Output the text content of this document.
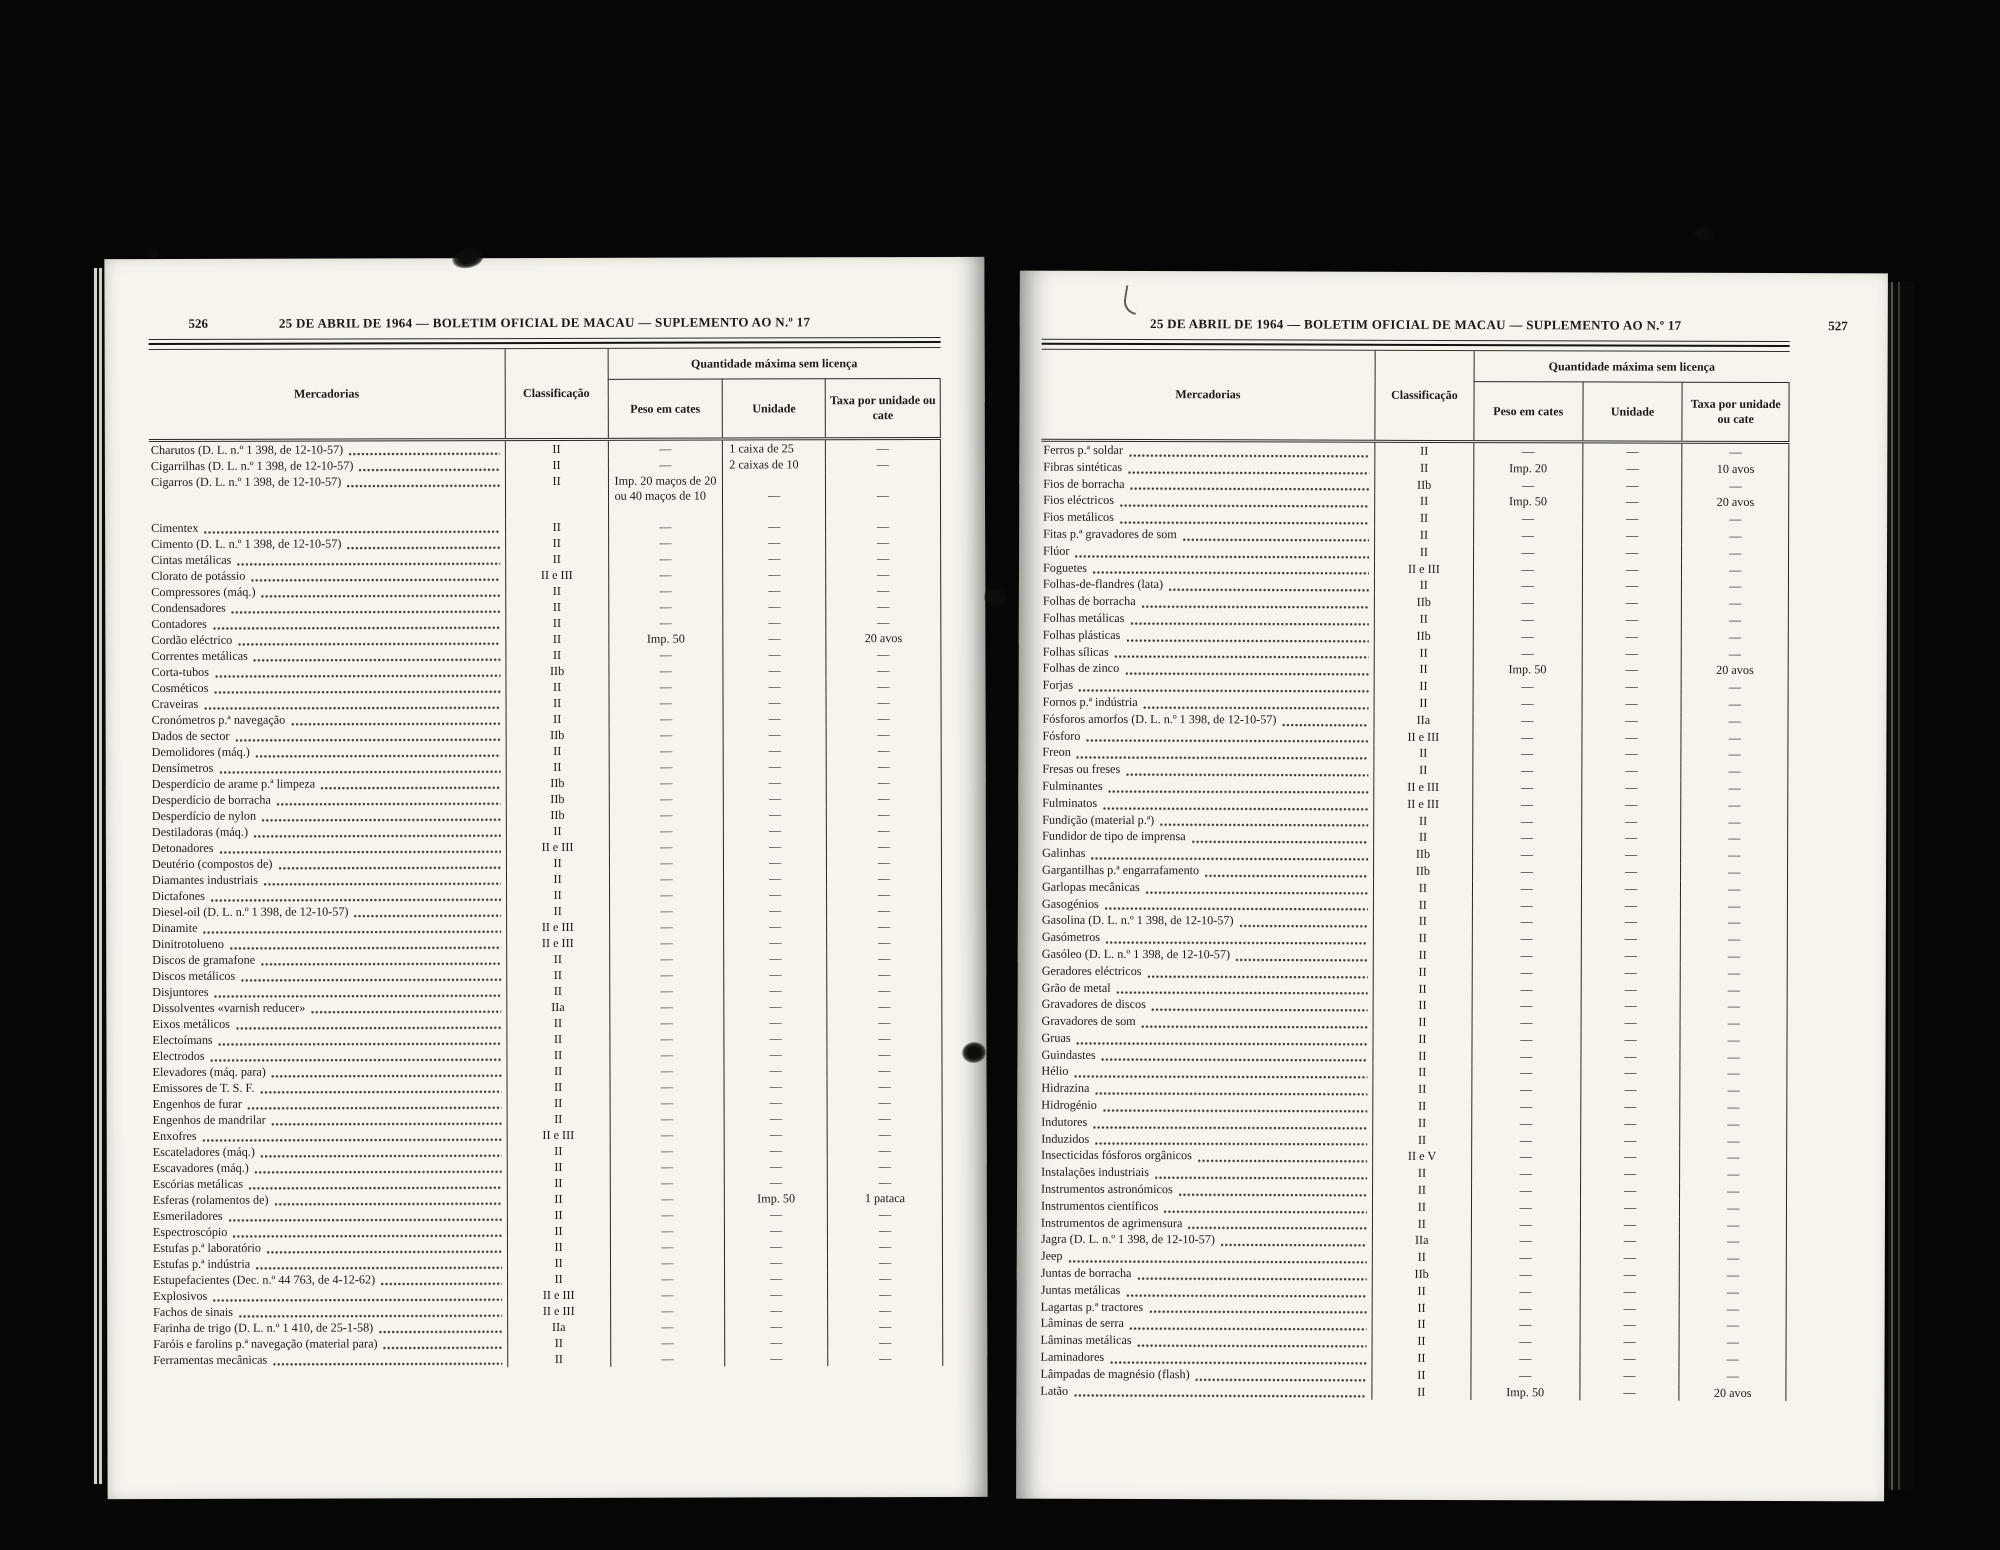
526	25 DE ABRIL DE 1964 — BOLETIM OFICIAL DE MACAU — SUPLEMENTO AO N.º 17
Mercadorias	Classificação	Quantidade máxima sem licença		
		Peso em cates	Unidade	Taxa por unidade ou cate

Charutos (D. L. n.º 1 398, de 12-10-57)	II	—	1 caixa de 25	—

Cigarrilhas (D. L. n.º 1 398, de 12-10-57)	II	—	2 caixas de 10	—

Cigarros (D. L. n.º 1 398, de 12-10-57)	II	Imp. 20 maços de 20 ou 40 maços de 10	—	—

Cimentex	II	—	—	—

Cimento (D. L. n.º 1 398, de 12-10-57)	II	—	—	—

Cintas metálicas	II	—	—	—

Clorato de potássio	II e III	—	—	—

Compressores (máq.)	II	—	—	—

Condensadores	II	—	—	—

Contadores	II	—	—	—

Cordão eléctrico	II	Imp. 50	—	20 avos

Correntes metálicas	II	—	—	—

Corta-tubos	IIb	—	—	—

Cosméticos	II	—	—	—

Craveiras	II	—	—	—

Cronómetros p.ª navegação	II	—	—	—

Dados de sector	IIb	—	—	—

Demolidores (máq.)	II	—	—	—

Densímetros	II	—	—	—

Desperdício de arame p.ª limpeza	IIb	—	—	—

Desperdício de borracha	IIb	—	—	—

Desperdício de nylon	IIb	—	—	—

Destiladoras (máq.)	II	—	—	—

Detonadores	II e III	—	—	—

Deutério (compostos de)	II	—	—	—

Diamantes industriais	II	—	—	—

Dictafones	II	—	—	—

Diesel-oil (D. L. n.º 1 398, de 12-10-57)	II	—	—	—

Dinamite	II e III	—	—	—

Dinitrotolueno	II e III	—	—	—

Discos de gramafone	II	—	—	—

Discos metálicos	II	—	—	—

Disjuntores	II	—	—	—

Dissolventes «varnish reducer»	IIa	—	—	—

Eixos metálicos	II	—	—	—

Electoímans	II	—	—	—

Electrodos	II	—	—	—

Elevadores (máq. para)	II	—	—	—

Emissores de T. S. F.	II	—	—	—

Engenhos de furar	II	—	—	—

Engenhos de mandrilar	II	—	—	—

Enxofres	II e III	—	—	—

Escateladores (máq.)	II	—	—	—

Escavadores (máq.)	II	—	—	—

Escórias metálicas	II	—	—	—

Esferas (rolamentos de)	II	—	Imp. 50	1 pataca

Esmeriladores	II	—	—	—

Espectroscópio	II	—	—	—

Estufas p.ª laboratório	II	—	—	—

Estufas p.ª indústria	II	—	—	—

Estupefacientes (Dec. n.º 44 763, de 4-12-62)	II	—	—	—

Explosivos	II e III	—	—	—

Fachos de sinais	II e III	—	—	—

Farinha de trigo (D. L. n.º 1 410, de 25-1-58)	IIa	—	—	—

Faróis e farolins p.ª navegação (material para)	II	—	—	—

Ferramentas mecânicas	II	—	—	—
527
25 DE ABRIL DE 1964 — BOLETIM OFICIAL DE MACAU — SUPLEMENTO AO N.º 17
Mercadorias	Classificação	Quantidade máxima sem licença		
		Peso em cates	Unidade	Taxa por unidade ou cate

Ferros p.ª soldar	II	—	—	—

Fibras sintéticas	II	Imp. 20	—	10 avos

Fios de borracha	IIb	—	—	—

Fios eléctricos	II	Imp. 50	—	20 avos

Fios metálicos	II	—	—	—

Fitas p.ª gravadores de som	II	—	—	—

Flúor	II	—	—	—

Foguetes	II e III	—	—	—

Folhas-de-flandres (lata)	II	—	—	—

Folhas de borracha	IIb	—	—	—

Folhas metálicas	II	—	—	—

Folhas plásticas	IIb	—	—	—

Folhas sílicas	II	—	—	—

Folhas de zinco	II	Imp. 50	—	20 avos

Forjas	II	—	—	—

Fornos p.ª indústria	II	—	—	—

Fósforos amorfos (D. L. n.º 1 398, de 12-10-57)	IIa	—	—	—

Fósforo	II e III	—	—	—

Freon	II	—	—	—

Fresas ou freses	II	—	—	—

Fulminantes	II e III	—	—	—

Fulminatos	II e III	—	—	—

Fundição (material p.ª)	II	—	—	—

Fundidor de tipo de imprensa	II	—	—	—

Galinhas	IIb	—	—	—

Gargantilhas p.ª engarrafamento	IIb	—	—	—

Garlopas mecânicas	II	—	—	—

Gasogénios	II	—	—	—

Gasolina (D. L. n.º 1 398, de 12-10-57)	II	—	—	—

Gasómetros	II	—	—	—

Gasóleo (D. L. n.º 1 398, de 12-10-57)	II	—	—	—

Geradores eléctricos	II	—	—	—

Grão de metal	II	—	—	—

Gravadores de discos	II	—	—	—

Gravadores de som	II	—	—	—

Gruas	II	—	—	—

Guindastes	II	—	—	—

Hélio	II	—	—	—

Hidrazina	II	—	—	—

Hidrogénio	II	—	—	—

Indutores	II	—	—	—

Induzidos	II	—	—	—

Insecticidas fósforos orgânicos	II e V	—	—	—

Instalações industriais	II	—	—	—

Instrumentos astronómicos	II	—	—	—

Instrumentos científicos	II	—	—	—

Instrumentos de agrimensura	II	—	—	—

Jagra (D. L. n.º 1 398, de 12-10-57)	IIa	—	—	—

Jeep	II	—	—	—

Juntas de borracha	IIb	—	—	—

Juntas metálicas	II	—	—	—

Lagartas p.ª tractores	II	—	—	—

Lâminas de serra	II	—	—	—

Lâminas metálicas	II	—	—	—

Laminadores	II	—	—	—

Lâmpadas de magnésio (flash)	II	—	—	—

Latão	II	Imp. 50	—	20 avos
